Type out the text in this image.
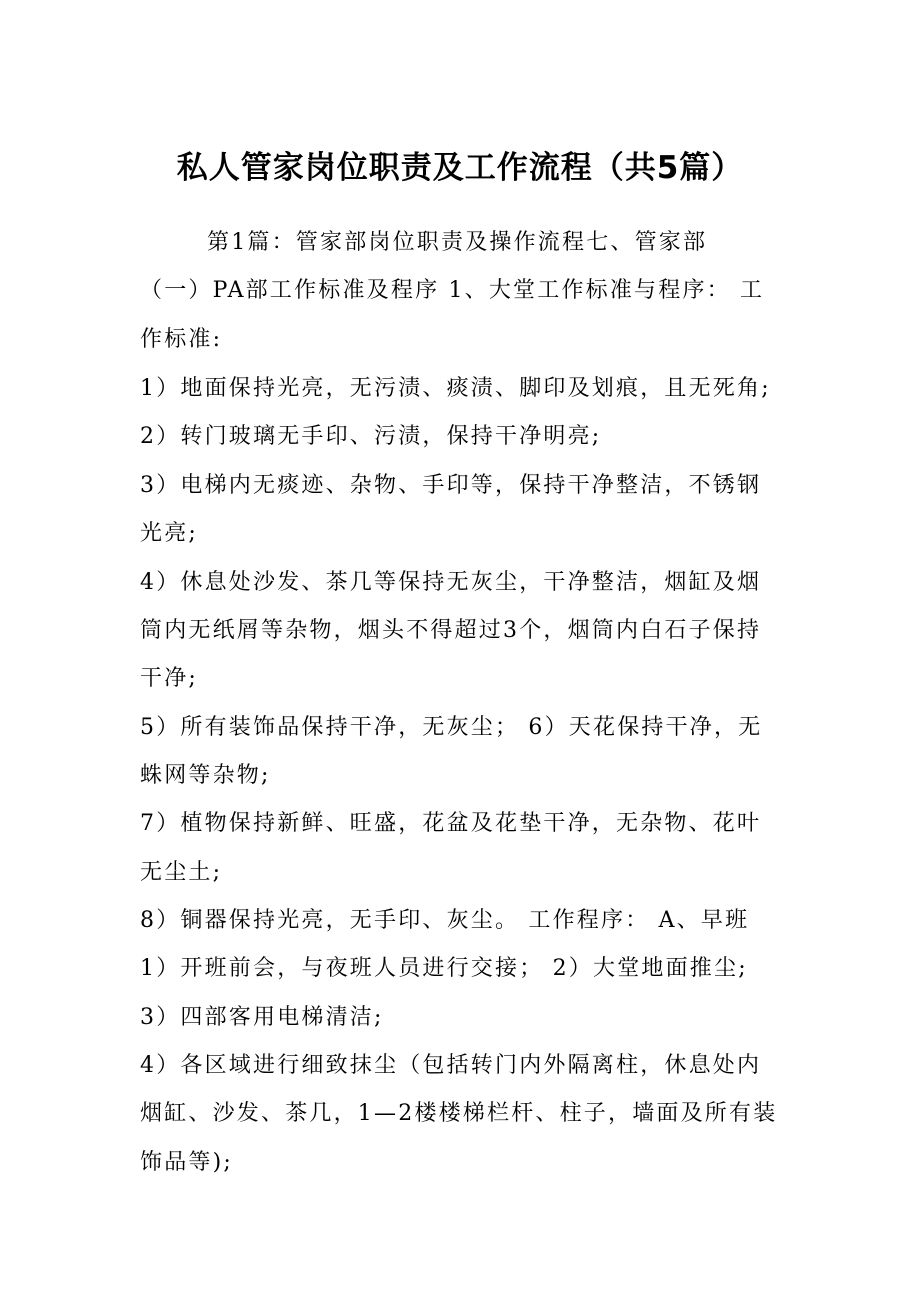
私人管家岗位职责及工作流程（共5篇）

第1篇：管家部岗位职责及操作流程七、管家部

（一）PA部工作标准及程序 1、大堂工作标准与程序： 工

作标准:

1）地面保持光亮，无污渍、痰渍、脚印及划痕，且无死角;

2）转门玻璃无手印、污渍，保持干净明亮;

3）电梯内无痰迹、杂物、手印等，保持干净整洁，不锈钢

光亮;

4）休息处沙发、茶几等保持无灰尘，干净整洁，烟缸及烟

筒内无纸屑等杂物，烟头不得超过3个，烟筒内白石子保持

干净;

5）所有装饰品保持干净，无灰尘； 6）天花保持干净，无

蛛网等杂物;

7）植物保持新鲜、旺盛，花盆及花垫干净，无杂物、花叶

无尘土;

8）铜器保持光亮，无手印、灰尘。 工作程序： A、早班

1）开班前会，与夜班人员进行交接； 2）大堂地面推尘;

3）四部客用电梯清洁;

4）各区域进行细致抹尘（包括转门内外隔离柱，休息处内

烟缸、沙发、茶几，1—2楼楼梯栏杆、柱子，墙面及所有装

饰品等);
